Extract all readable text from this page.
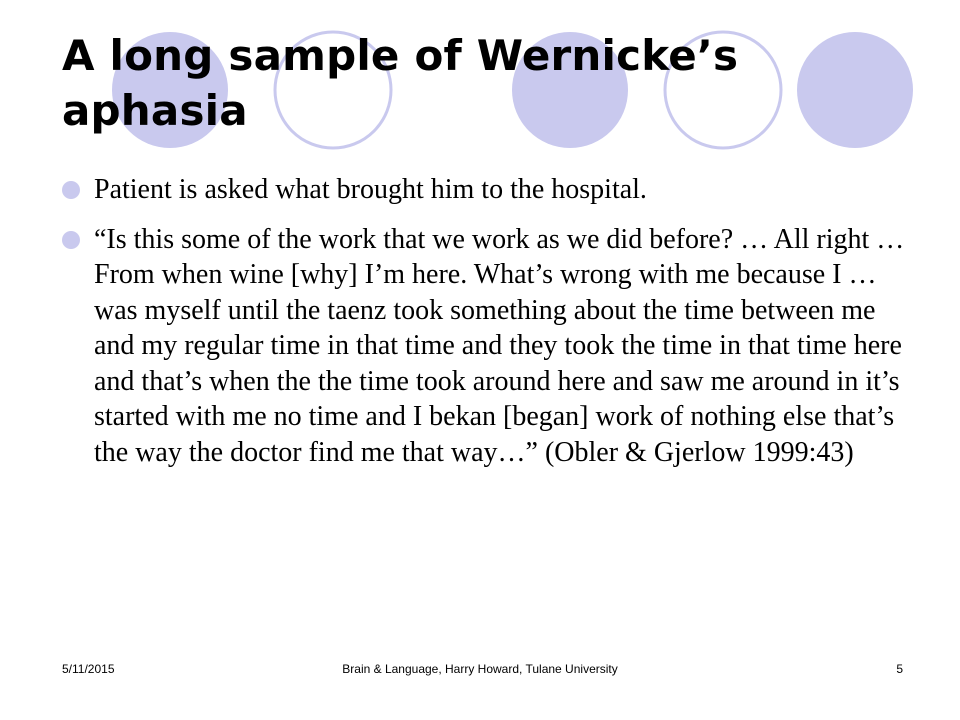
A long sample of Wernicke’s aphasia
Patient is asked what brought him to the hospital.
“Is this some of the work that we work as we did before? … All right … From when wine [why] I’m here. What’s wrong with me because I … was myself until the taenz took something about the time between me and my regular time in that time and they took the time in that time here and that’s when the the time took around here and saw me around in it’s started with me no time and I bekan [began] work of nothing else that’s the way the doctor find me that way…” (Obler & Gjerlow 1999:43)
5/11/2015	Brain & Language, Harry Howard, Tulane University	5
